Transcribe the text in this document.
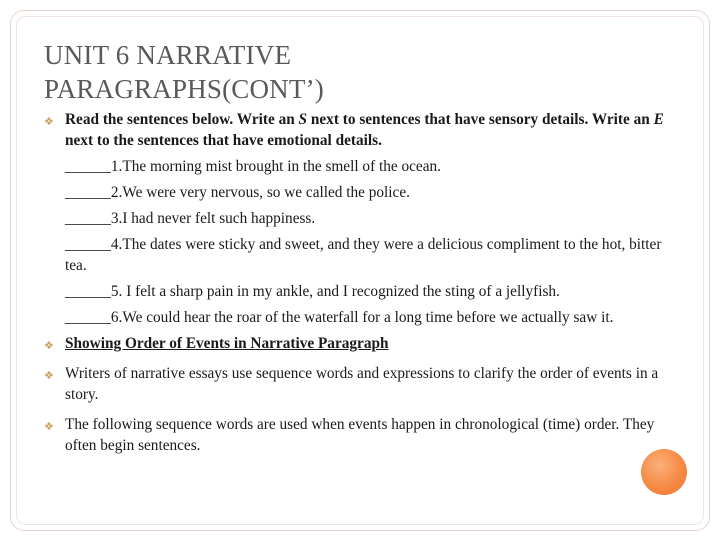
UNIT 6 NARRATIVE
PARAGRAPHS(CONT’)
❖ Read the sentences below. Write an S next to sentences that have sensory details. Write an E next to the sentences that have emotional details.

______1.The morning mist brought in the smell of the ocean.

______2.We were very nervous, so we called the police.

______3.I had never felt such happiness.

______4.The dates were sticky and sweet, and they were a delicious compliment to the hot, bitter tea.

______5. I felt a sharp pain in my ankle, and I recognized the sting of a jellyfish.

______6.We could hear the roar of the waterfall for a long time before we actually saw it.

❖ Showing Order of Events in Narrative Paragraph
❖ Writers of narrative essays use sequence words and expressions to clarify the order of events in a story.
❖ The following sequence words are used when events happen in chronological (time) order. They often begin sentences.
